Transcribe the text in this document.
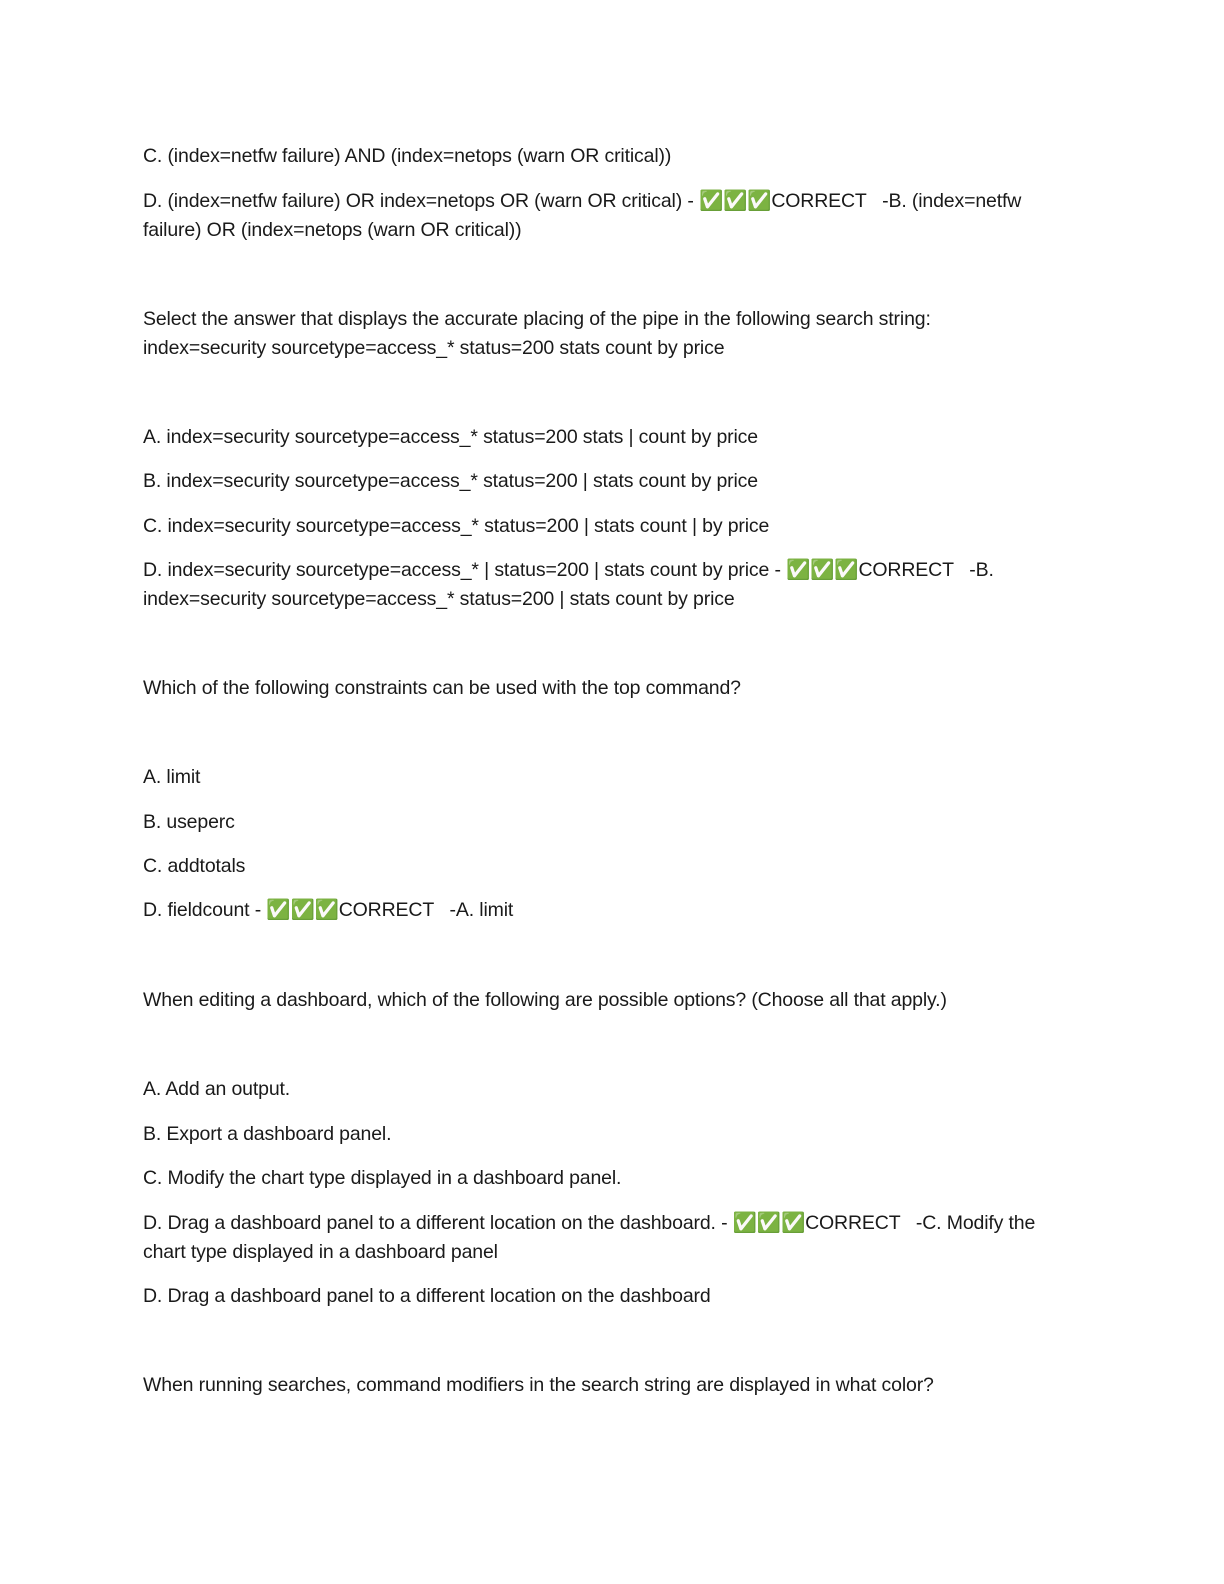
C. (index=netfw failure) AND (index=netops (warn OR critical))
D. (index=netfw failure) OR index=netops OR (warn OR critical) - ✅✅✅CORRECT   -B. (index=netfw failure) OR (index=netops (warn OR critical))
Select the answer that displays the accurate placing of the pipe in the following search string: index=security sourcetype=access_* status=200 stats count by price
A. index=security sourcetype=access_* status=200 stats | count by price
B. index=security sourcetype=access_* status=200 | stats count by price
C. index=security sourcetype=access_* status=200 | stats count | by price
D. index=security sourcetype=access_* | status=200 | stats count by price - ✅✅✅CORRECT   -B. index=security sourcetype=access_* status=200 | stats count by price
Which of the following constraints can be used with the top command?
A. limit
B. useperc
C. addtotals
D. fieldcount - ✅✅✅CORRECT   -A. limit
When editing a dashboard, which of the following are possible options? (Choose all that apply.)
A. Add an output.
B. Export a dashboard panel.
C. Modify the chart type displayed in a dashboard panel.
D. Drag a dashboard panel to a different location on the dashboard. - ✅✅✅CORRECT   -C. Modify the chart type displayed in a dashboard panel
D. Drag a dashboard panel to a different location on the dashboard
When running searches, command modifiers in the search string are displayed in what color?
